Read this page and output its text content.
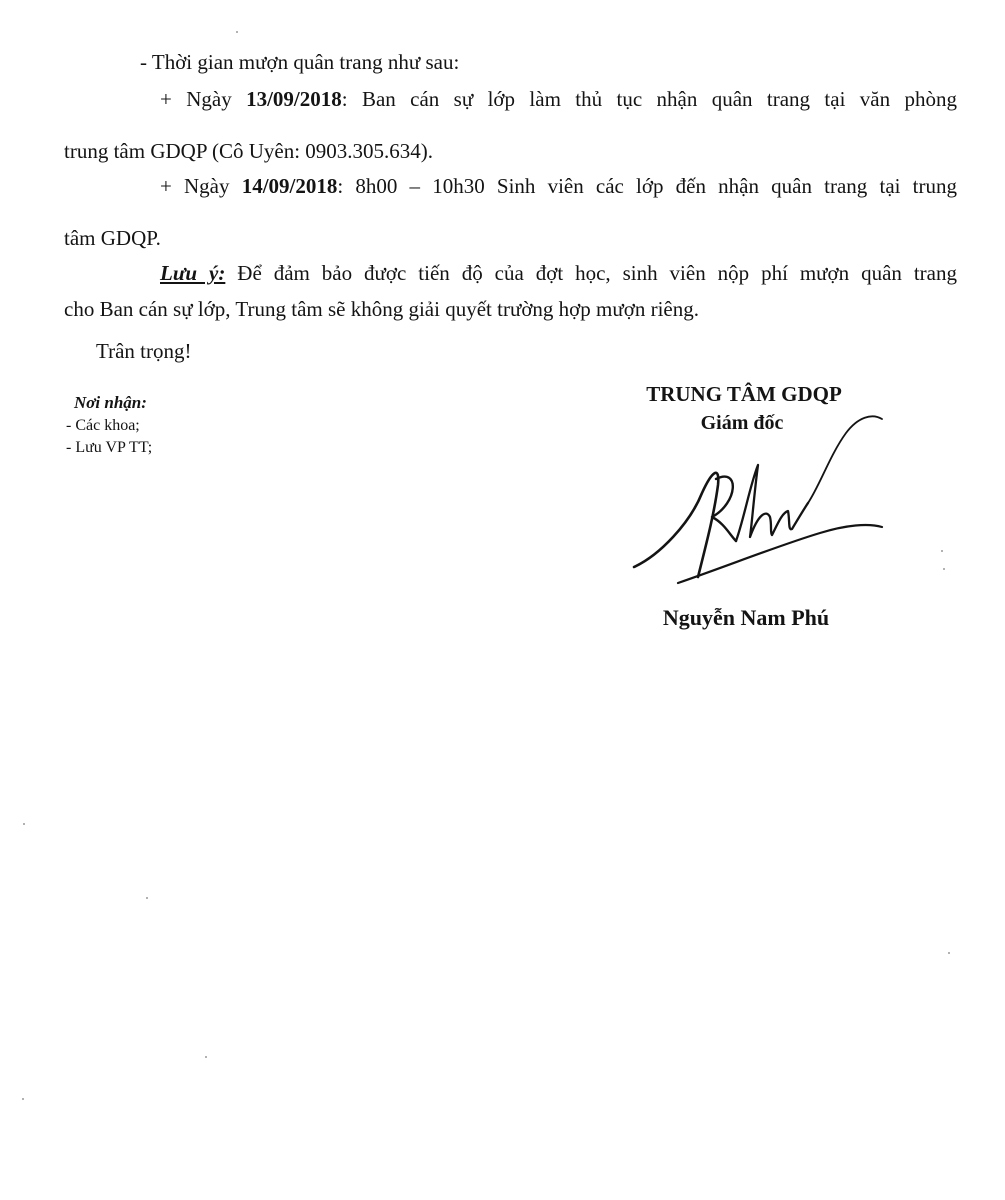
- Thời gian mượn quân trang như sau:
+ Ngày 13/09/2018: Ban cán sự lớp làm thủ tục nhận quân trang tại văn phòng
trung tâm GDQP (Cô Uyên: 0903.305.634).
+ Ngày 14/09/2018: 8h00 – 10h30 Sinh viên các lớp đến nhận quân trang tại trung
tâm GDQP.
Lưu ý: Để đảm bảo được tiến độ của đợt học, sinh viên nộp phí mượn quân trang
cho Ban cán sự lớp, Trung tâm sẽ không giải quyết trường hợp mượn riêng.
Trân trọng!
Nơi nhận:
- Các khoa;
- Lưu VP TT;
TRUNG TÂM GDQP
Giám đốc
Nguyễn Nam Phú
